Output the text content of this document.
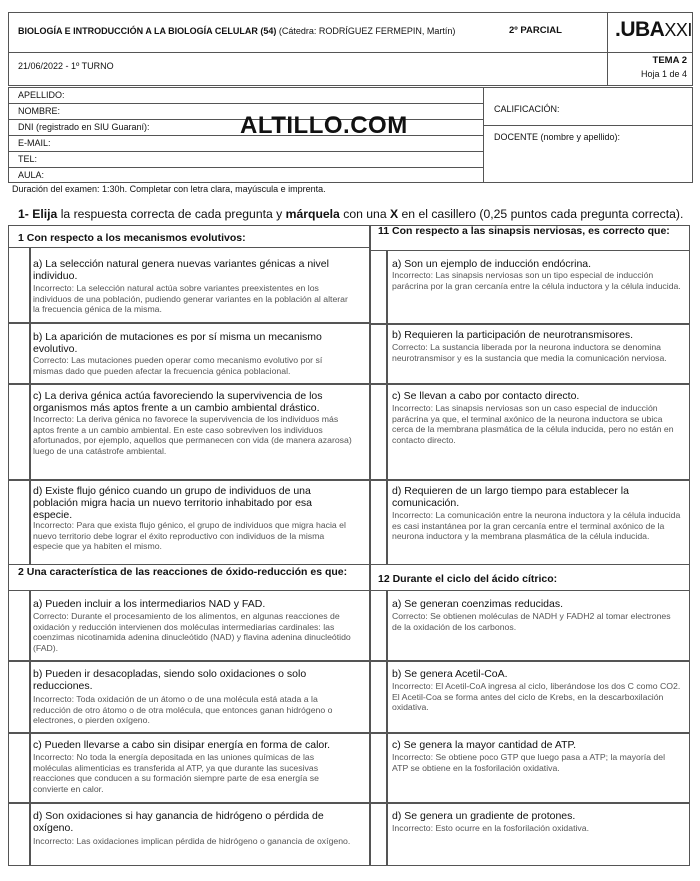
BIOLOGÍA E INTRODUCCIÓN A LA BIOLOGÍA CELULAR (54) (Cátedra: RODRÍGUEZ FERMEPIN, Martín)	2º PARCIAL	.UBAXXI
21/06/2022 - 1º TURNO	TEMA 2
Hoja 1 de 4
APELLIDO:
NOMBRE:
DNI (registrado en SIU Guaraní):
E-MAIL:
TEL:
AULA:
CALIFICACIÓN:
DOCENTE (nombre y apellido):
ALTILLO.COM
Duración del examen: 1:30h. Completar con letra clara, mayúscula e imprenta.
1- Elija la respuesta correcta de cada pregunta y márquela con una X en el casillero (0,25 puntos cada pregunta correcta).
1 Con respecto a los mecanismos evolutivos:
a) La selección natural genera nuevas variantes génicas a nivel individuo.
Incorrecto: La selección natural actúa sobre variantes preexistentes en los individuos de una población, pudiendo generar variantes en la población al alterar la frecuencia génica de la misma.
b) La aparición de mutaciones es por sí misma un mecanismo evolutivo.
Correcto: Las mutaciones pueden operar como mecanismo evolutivo por sí mismas dado que pueden afectar la frecuencia génica poblacional.
c) La deriva génica actúa favoreciendo la supervivencia de los organismos más aptos frente a un cambio ambiental drástico.
Incorrecto: La deriva génica no favorece la supervivencia de los individuos más aptos frente a un cambio ambiental. En este caso sobreviven los individuos afortunados, por ejemplo, aquellos que permanecen con vida (de manera azarosa) luego de una catástrofe ambiental.
d) Existe flujo génico cuando un grupo de individuos de una población migra hacia un nuevo territorio inhabitado por esa especie.
Incorrecto: Para que exista flujo génico, el grupo de individuos que migra hacia el nuevo territorio debe lograr el éxito reproductivo con individuos de la misma especie que ya habiten el mismo.
2 Una característica de las reacciones de óxido-reducción es que:
a) Pueden incluir a los intermediarios NAD y FAD.
Correcto: Durante el procesamiento de los alimentos, en algunas reacciones de oxidación y reducción intervienen dos moléculas intermediarias cardinales: las coenzimas nicotinamida adenina dinucleótido (NAD) y flavina adenina dinucleótido (FAD).
b) Pueden ir desacopladas, siendo solo oxidaciones o solo reducciones.
Incorrecto: Toda oxidación de un átomo o de una molécula está atada a la reducción de otro átomo o de otra molécula, que entonces ganan hidrógeno o electrones, o pierden oxígeno.
c) Pueden llevarse a cabo sin disipar energía en forma de calor.
Incorrecto: No toda la energía depositada en las uniones químicas de las moléculas alimenticias es transferida al ATP, ya que durante las sucesivas reacciones que conducen a su formación siempre parte de esa energía se convierte en calor.
d) Son oxidaciones si hay ganancia de hidrógeno o pérdida de oxígeno.
Incorrecto: Las oxidaciones implican pérdida de hidrógeno o ganancia de oxígeno.
11 Con respecto a las sinapsis nerviosas, es correcto que:
a) Son un ejemplo de inducción endócrina.
Incorrecto: Las sinapsis nerviosas son un tipo especial de inducción parácrina por la gran cercanía entre la célula inductora y la célula inducida.
b) Requieren la participación de neurotransmisores.
Correcto: La sustancia liberada por la neurona inductora se denomina neurotransmisor y es la sustancia que media la comunicación nerviosa.
c) Se llevan a cabo por contacto directo.
Incorrecto: Las sinapsis nerviosas son un caso especial de inducción parácrina ya que, el terminal axónico de la neurona inductora se ubica cerca de la membrana plasmática de la célula inducida, pero no están en contacto directo.
d) Requieren de un largo tiempo para establecer la comunicación.
Incorrecto: La comunicación entre la neurona inductora y la célula inducida es casi instantánea por la gran cercanía entre el terminal axónico de la neurona inductora y la membrana plasmática de la célula inducida.
12 Durante el ciclo del ácido cítrico:
a) Se generan coenzimas reducidas.
Correcto: Se obtienen moléculas de NADH y FADH2 al tomar electrones de la oxidación de los carbonos.
b) Se genera Acetil-CoA.
Incorrecto: El Acetil-CoA ingresa al ciclo, liberándose los dos C como CO2. El Acetil-Coa se forma antes del ciclo de Krebs, en la descarboxilación oxidativa.
c) Se genera la mayor cantidad de ATP.
Incorrecto: Se obtiene poco GTP que luego pasa a ATP; la mayoría del ATP se obtiene en la fosforilación oxidativa.
d) Se genera un gradiente de protones.
Incorrecto: Esto ocurre en la fosforilación oxidativa.
